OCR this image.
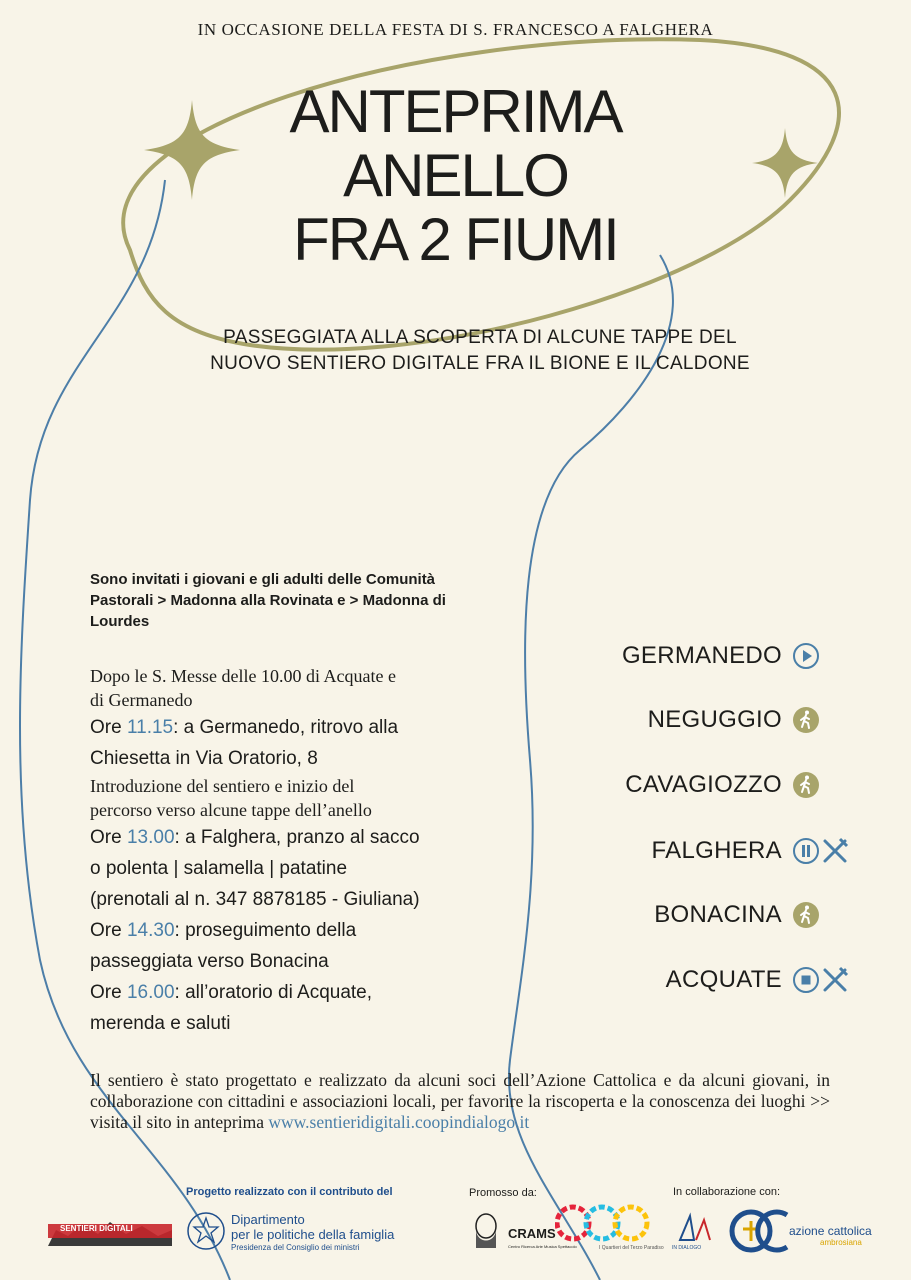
IN OCCASIONE DELLA FESTA DI S. FRANCESCO A FALGHERA
ANTEPRIMA
ANELLO
FRA 2 FIUMI
PASSEGGIATA ALLA SCOPERTA DI ALCUNE TAPPE DEL
NUOVO SENTIERO DIGITALE FRA IL BIONE E IL CALDONE
Sono invitati i giovani e gli adulti delle Comunità
Pastorali > Madonna alla Rovinata e > Madonna di
Lourdes
Dopo le S. Messe delle 10.00 di Acquate e
di Germanedo
Ore 11.15: a Germanedo, ritrovo alla
Chiesetta in Via Oratorio, 8
Introduzione del sentiero e inizio del
percorso verso alcune tappe dell’anello
Ore 13.00: a Falghera, pranzo al sacco
o polenta | salamella | patatine
(prenotali al n. 347 8878185 - Giuliana)
Ore 14.30: proseguimento della
passeggiata verso Bonacina
Ore 16.00: all’oratorio di Acquate,
merenda e saluti
GERMANEDO
NEGUGGIO
CAVAGIOZZO
FALGHERA
BONACINA
ACQUATE
Il sentiero è stato progettato e realizzato da alcuni soci dell’Azione Cattolica e da alcuni giovani, in collaborazione con cittadini e associazioni locali, per favorire la riscoperta e la conoscenza dei luoghi >> visita il sito in anteprima www.sentieridigitali.coopindialogo.it
Progetto realizzato con il contributo del	Promosso da:	In collaborazione con:
SENTIERI DIGITALI
Dipartimento
per le politiche della famiglia
Presidenza del Consiglio dei ministri
CRAMS
Centro Ricerca Arte Musica Spettacolo	I Quartieri del Terzo Paradiso IN DIALOGO
azione cattolica
ambrosiana
